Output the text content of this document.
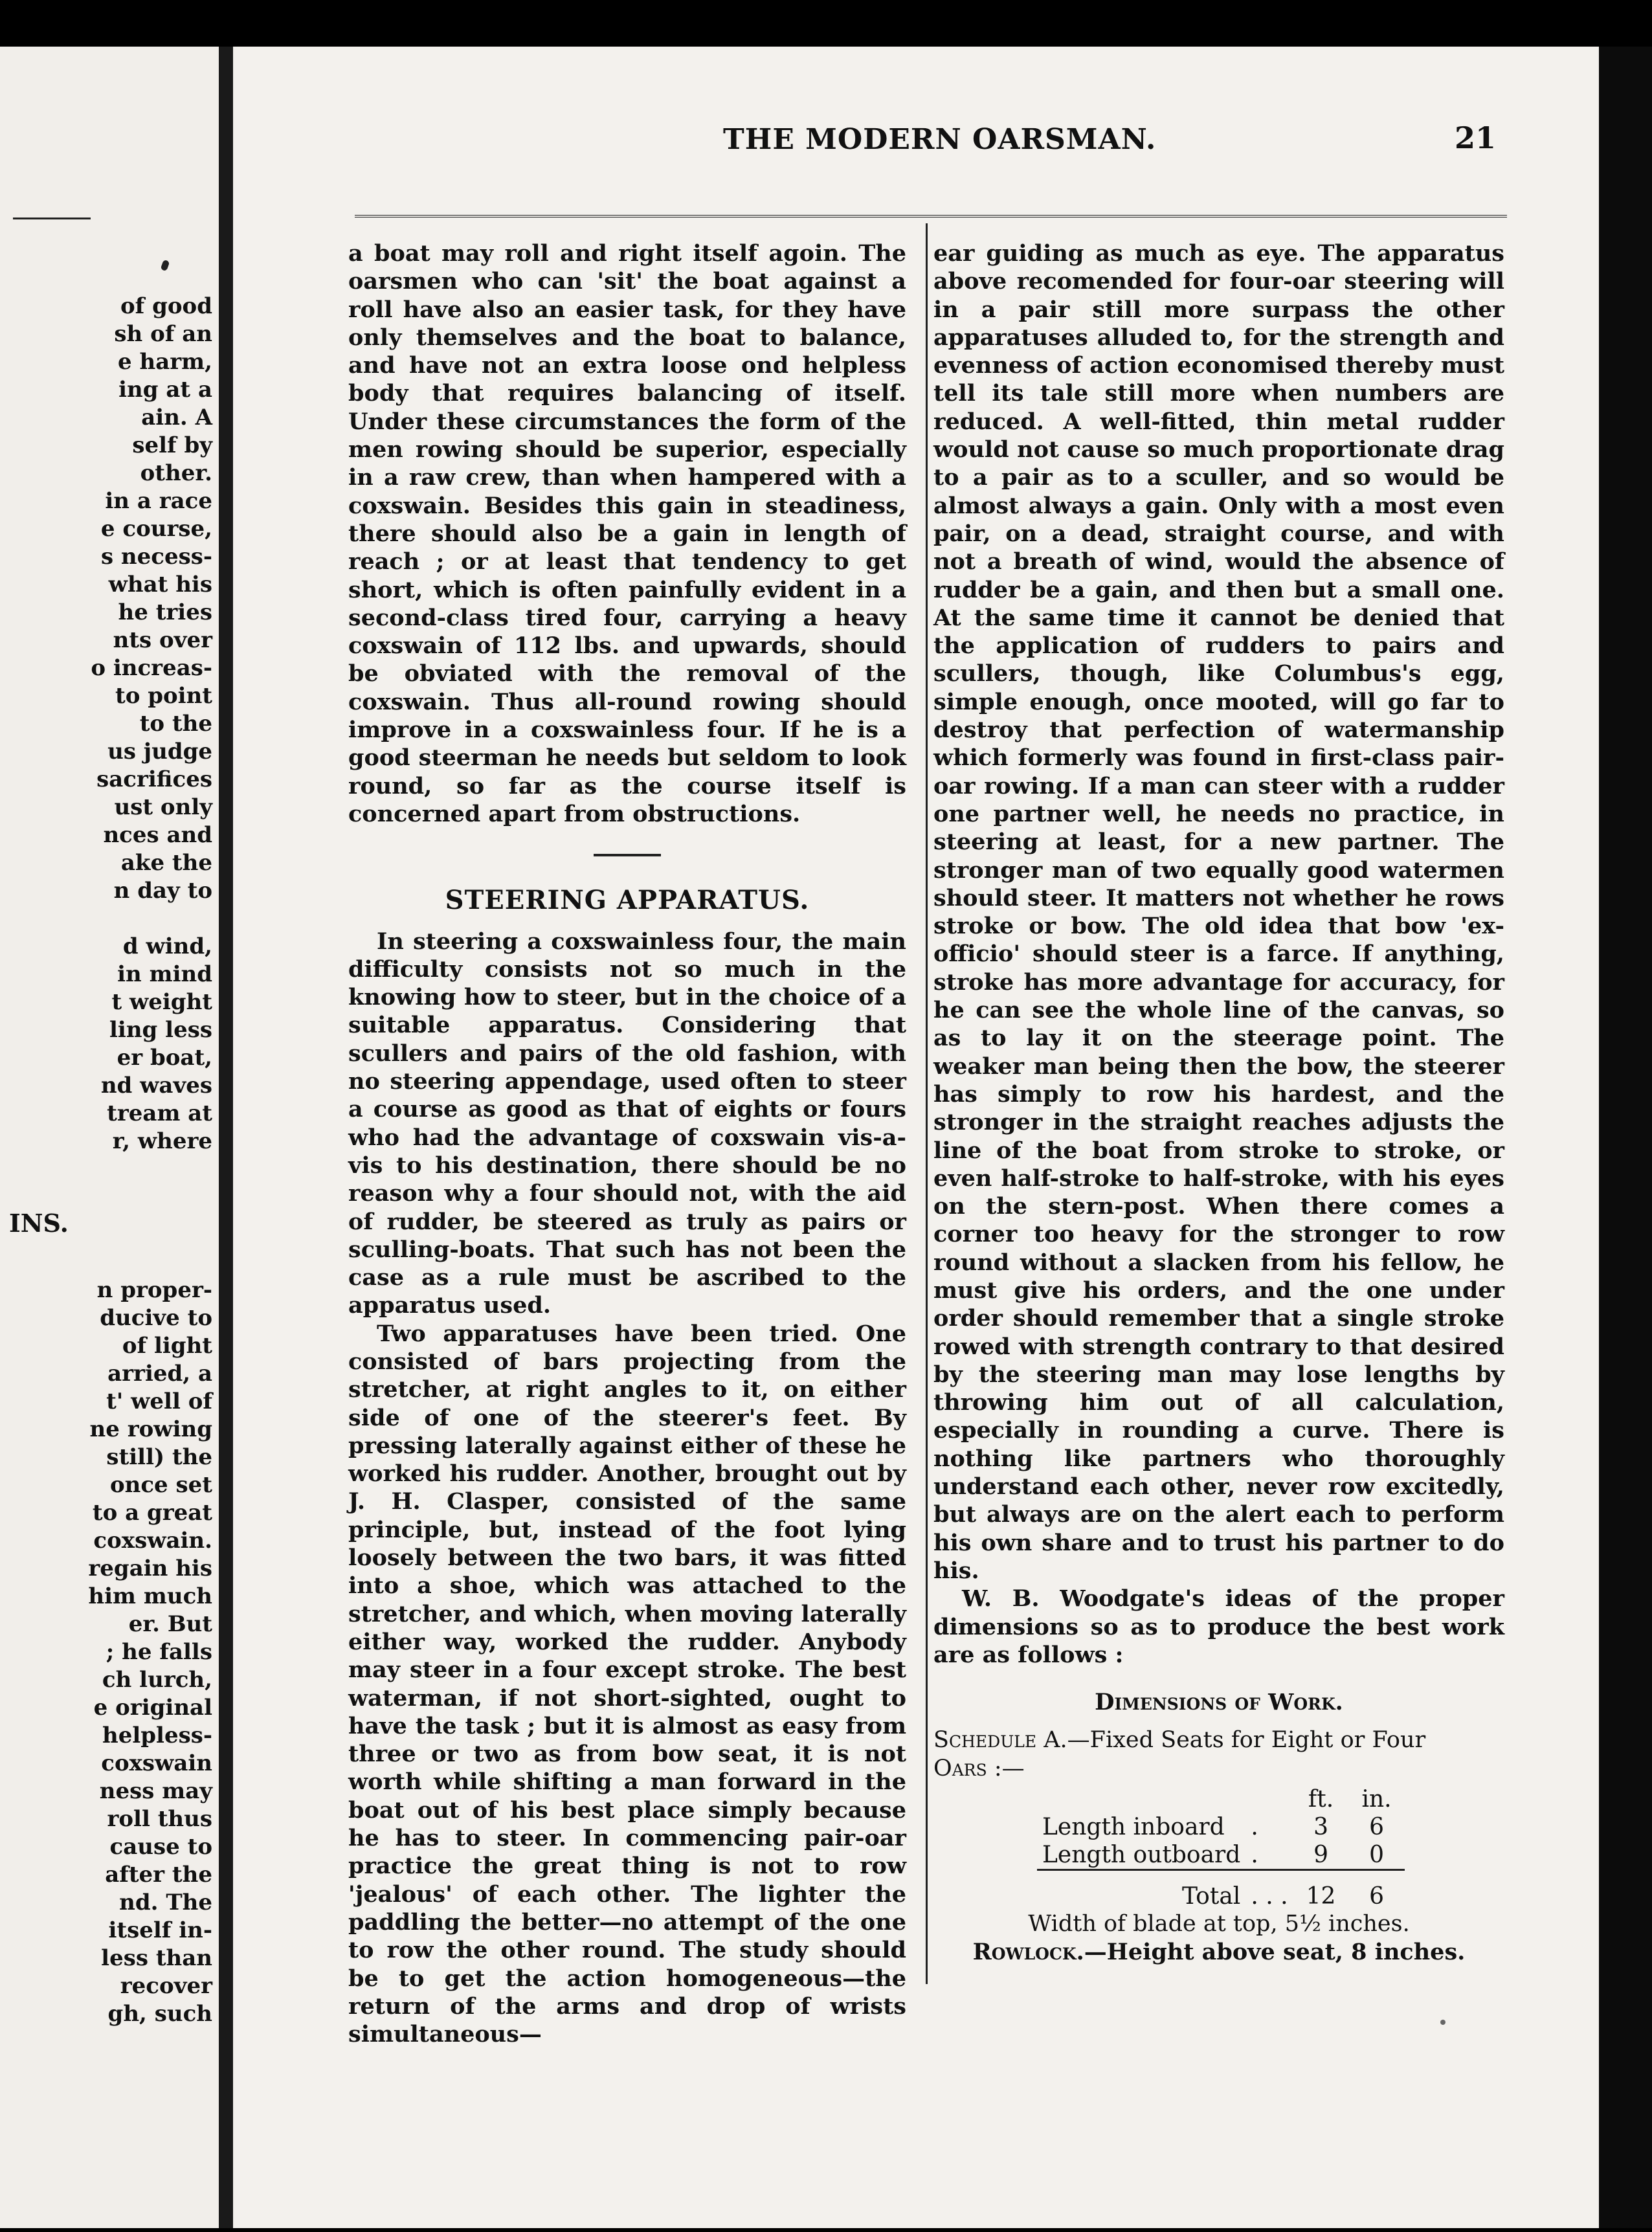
of good
sh of an
e harm,
ing at a
ain. A
self by
other.
in a race
e course,
s necess-
what his
he tries
nts over
o increas-
to point
to the
us judge
sacrifices
ust only
nces and
ake the
n day to
d wind,
in mind
t weight
ling less
er boat,
nd waves
tream at
r, where
INS.
n proper-
ducive to
of light
arried, a
t' well of
ne rowing
still) the
once set
to a great
coxswain.
regain his
him much
er. But
; he falls
ch lurch,
e original
helpless-
coxswain
ness may
roll thus
cause to
after the
nd. The
itself in-
less than
recover
gh, such
THE MODERN OARSMAN.	21

a boat may roll and right itself agoin. The oarsmen who can 'sit' the boat against a roll have also an easier task, for they have only themselves and the boat to balance, and have not an extra loose ond helpless body that requires balancing of itself. Under these circumstances the form of the men rowing should be superior, especially in a raw crew, than when hampered with a coxswain. Besides this gain in steadiness, there should also be a gain in length of reach ; or at least that tendency to get short, which is often painfully evident in a second-class tired four, carrying a heavy coxswain of 112 lbs. and upwards, should be obviated with the removal of the coxswain. Thus all-round rowing should improve in a coxswainless four. If he is a good steerman he needs but seldom to look round, so far as the course itself is concerned apart from obstructions.

STEERING APPARATUS.

In steering a coxswainless four, the main difficulty consists not so much in the knowing how to steer, but in the choice of a suitable apparatus. Considering that scullers and pairs of the old fashion, with no steering appendage, used often to steer a course as good as that of eights or fours who had the advantage of coxswain vis-a-vis to his destination, there should be no reason why a four should not, with the aid of rudder, be steered as truly as pairs or sculling-boats. That such has not been the case as a rule must be ascribed to the apparatus used.

Two apparatuses have been tried. One consisted of bars projecting from the stretcher, at right angles to it, on either side of one of the steerer's feet. By pressing laterally against either of these he worked his rudder. Another, brought out by J. H. Clasper, consisted of the same principle, but, instead of the foot lying loosely between the two bars, it was fitted into a shoe, which was attached to the stretcher, and which, when moving laterally either way, worked the rudder. Anybody may steer in a four except stroke. The best waterman, if not short-sighted, ought to have the task ; but it is almost as easy from three or two as from bow seat, it is not worth while shifting a man forward in the boat out of his best place simply because he has to steer. In commencing pair-oar practice the great thing is not to row 'jealous' of each other. The lighter the paddling the better—no attempt of the one to row the other round. The study should be to get the action homogeneous—the return of the arms and drop of wrists simultaneous—

ear guiding as much as eye. The apparatus above recomended for four-oar steering will in a pair still more surpass the other apparatuses alluded to, for the strength and evenness of action economised thereby must tell its tale still more when numbers are reduced. A well-fitted, thin metal rudder would not cause so much proportionate drag to a pair as to a sculler, and so would be almost always a gain. Only with a most even pair, on a dead, straight course, and with not a breath of wind, would the absence of rudder be a gain, and then but a small one. At the same time it cannot be denied that the application of rudders to pairs and scullers, though, like Columbus's egg, simple enough, once mooted, will go far to destroy that perfection of watermanship which formerly was found in first-class pair-oar rowing. If a man can steer with a rudder one partner well, he needs no practice, in steering at least, for a new partner. The stronger man of two equally good watermen should steer. It matters not whether he rows stroke or bow. The old idea that bow 'ex-officio' should steer is a farce. If anything, stroke has more advantage for accuracy, for he can see the whole line of the canvas, so as to lay it on the steerage point. The weaker man being then the bow, the steerer has simply to row his hardest, and the stronger in the straight reaches adjusts the line of the boat from stroke to stroke, or even half-stroke to half-stroke, with his eyes on the stern-post. When there comes a corner too heavy for the stronger to row round without a slacken from his fellow, he must give his orders, and the one under order should remember that a single stroke rowed with strength contrary to that desired by the steering man may lose lengths by throwing him out of all calculation, especially in rounding a curve. There is nothing like partners who thoroughly understand each other, never row excitedly, but always are on the alert each to perform his own share and to trust his partner to do his.

W. B. Woodgate's ideas of the proper dimensions so as to produce the best work are as follows :

Dimensions of Work.
Schedule A.—Fixed Seats for Eight or Four
Oars :—
		ft.	in.
Length inboard	.	3	6
Length outboard	.	9	0
Total	. . .	12	6
Width of blade at top, 5½ inches.
Rowlock.—Height above seat, 8 inches.
